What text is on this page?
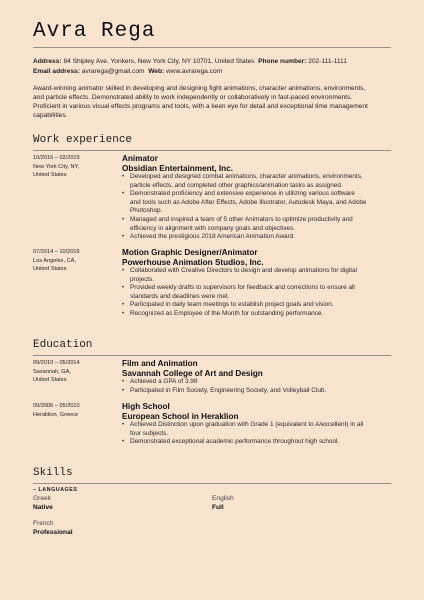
Avra Rega
Address: 84 Shipley Ave. Yonkers, New York City, NY 10701, United States Phone number: 202-111-1111
Email address: avrarega@gmail.com Web: www.avrarega.com
Award-winning animator skilled in developing and designing fight animations, character animations, environments,
and particle effects. Demonstrated ability to work independently or collaboratively in fast-paced environments.
Proficient in various visual effects programs and tools, with a keen eye for detail and exceptional time management
capabilities.
Work experience
10/2016 – 02/2019
New York City, NY,
United States
Animator
Obsidian Entertainment, Inc.
• Developed and designed combat animations, character animations, environments,
particle effects, and completed other graphics/animation tasks as assigned.
• Demonstrated proficiency and extensive experience in utilizing various software
and tools such as Adobe After Effects, Adobe Illustrator, Autodesk Maya, and Adobe
Photoshop.
• Managed and inspired a team of 5 other Animators to optimize productivity and
efficiency in alignment with company goals and objectives.
• Achieved the prestigious 2018 American Animation Award.
07/2014 – 10/2016
Los Angeles, CA,
United States
Motion Graphic Designer/Animator
Powerhouse Animation Studios, Inc.
• Collaborated with Creative Directors to design and develop animations for digital
projects.
• Provided weekly drafts to supervisors for feedback and corrections to ensure all
standards and deadlines were met.
• Participated in daily team meetings to establish project goals and vision.
• Recognized as Employee of the Month for outstanding performance.
Education
09/2010 – 05/2014
Savannah, GA,
United States
Film and Animation
Savannah College of Art and Design
• Achieved a GPA of 3.98
• Participated in Film Society, Engineering Society, and Volleyball Club.
09/2006 – 05/2010
Heraklion, Greece
High School
European School in Heraklion
• Achieved Distinction upon graduation with Grade 1 (equivalent to A/excellent) in all
four subjects.
• Demonstrated exceptional academic performance throughout high school.
Skills
– LANGUAGES
Greek
Native
English
Full
French
Professional
